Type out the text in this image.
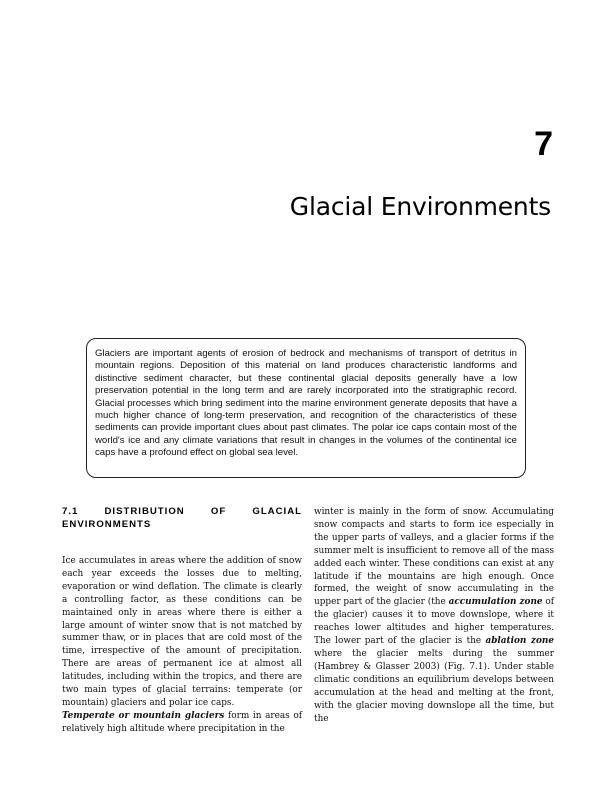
7
Glacial Environments

Glaciers are important agents of erosion of bedrock and mechanisms of transport of detritus in mountain regions. Deposition of this material on land produces characteristic landforms and distinctive sediment character, but these continental glacial deposits generally have a low preservation potential in the long term and are rarely incorporated into the stratigraphic record. Glacial processes which bring sediment into the marine environment generate deposits that have a much higher chance of long-term preservation, and recognition of the characteristics of these sediments can provide important clues about past climates. The polar ice caps contain most of the world's ice and any climate variations that result in changes in the volumes of the continental ice caps have a profound effect on global sea level.

7.1 DISTRIBUTION OF GLACIAL ENVIRONMENTS

Ice accumulates in areas where the addition of snow each year exceeds the losses due to melting, evaporation or wind deflation. The climate is clearly a controlling factor, as these conditions can be maintained only in areas where there is either a large amount of winter snow that is not matched by summer thaw, or in places that are cold most of the time, irrespective of the amount of precipitation. There are areas of permanent ice at almost all latitudes, including within the tropics, and there are two main types of glacial terrains: temperate (or mountain) glaciers and polar ice caps.

Temperate or mountain glaciers form in areas of relatively high altitude where precipitation in the

winter is mainly in the form of snow. Accumulating snow compacts and starts to form ice especially in the upper parts of valleys, and a glacier forms if the summer melt is insufficient to remove all of the mass added each winter. These conditions can exist at any latitude if the mountains are high enough. Once formed, the weight of snow accumulating in the upper part of the glacier (the accumulation zone of the glacier) causes it to move downslope, where it reaches lower altitudes and higher temperatures. The lower part of the glacier is the ablation zone where the glacier melts during the summer (Hambrey & Glasser 2003) (Fig. 7.1). Under stable climatic conditions an equilibrium develops between accumulation at the head and melting at the front, with the glacier moving downslope all the time, but the
